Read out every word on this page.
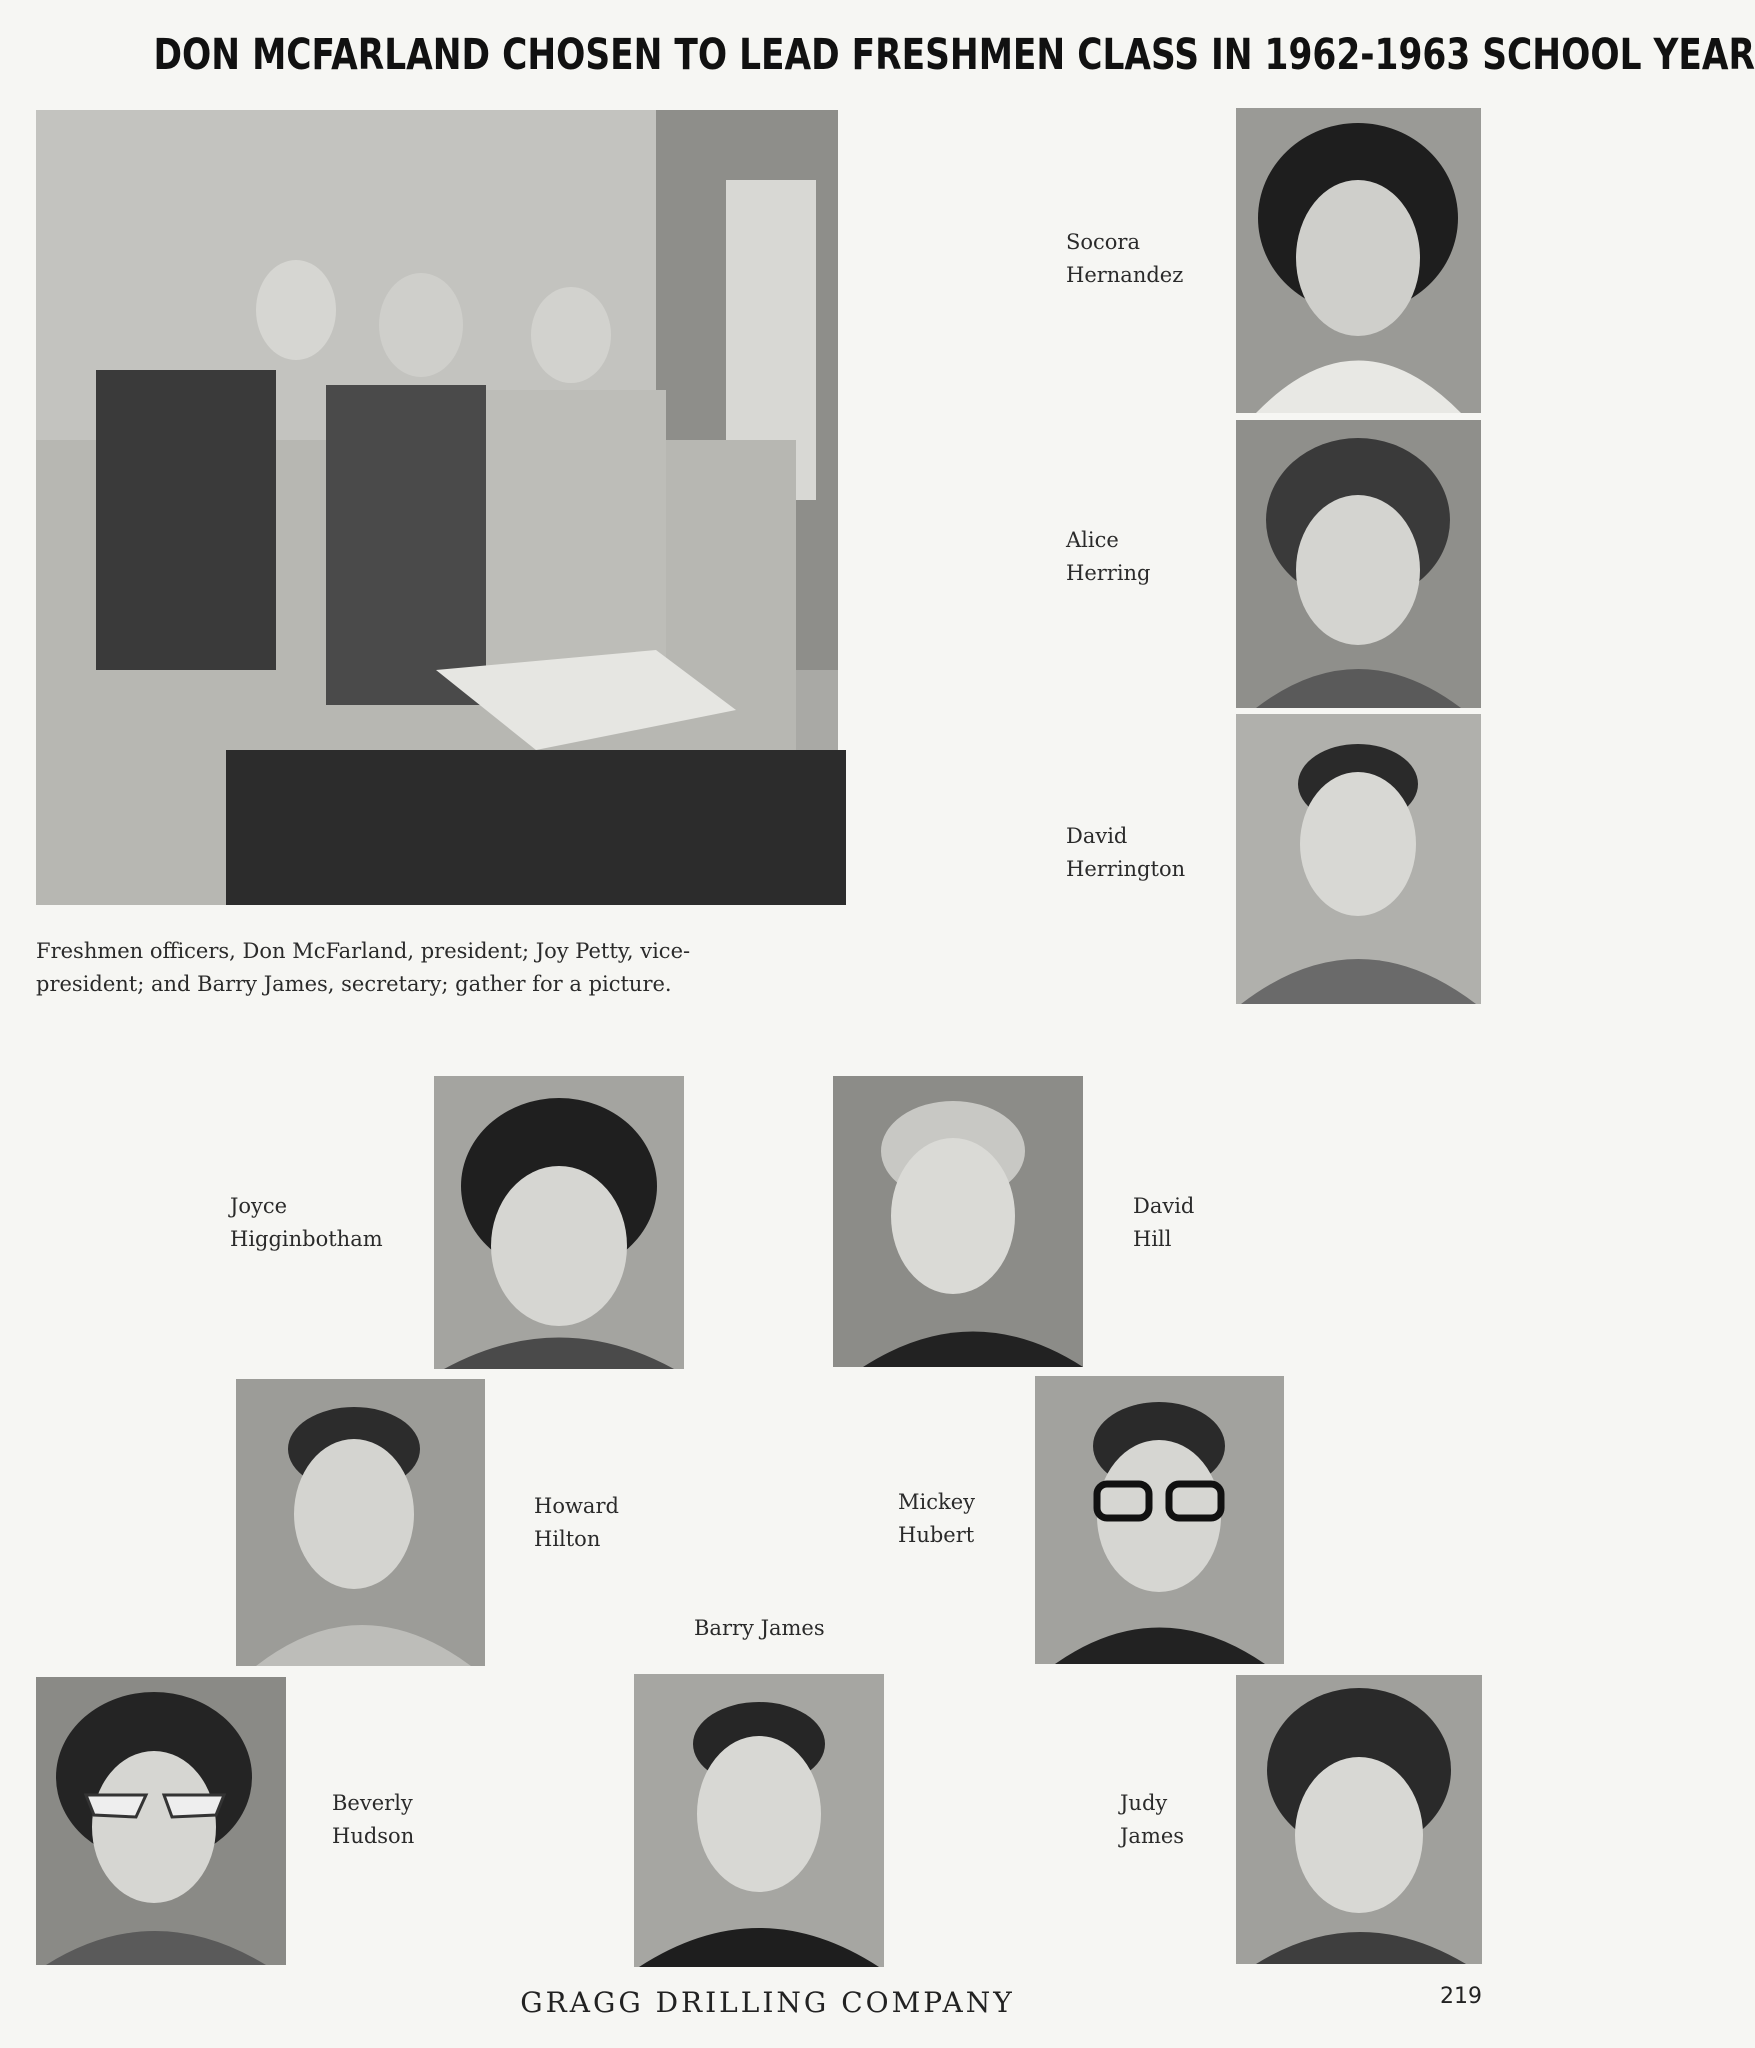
DON MCFARLAND CHOSEN TO LEAD FRESHMEN CLASS IN 1962-1963 SCHOOL YEAR
Freshmen officers, Don McFarland, president; Joy Petty, vice-
president; and Barry James, secretary; gather for a picture.
Socora
Hernandez
Alice
Herring
David
Herrington
Joyce
Higginbotham
David
Hill
Howard
Hilton
Mickey
Hubert
Barry James
Beverly
Hudson
Judy
James
GRAGG DRILLING COMPANY	219
